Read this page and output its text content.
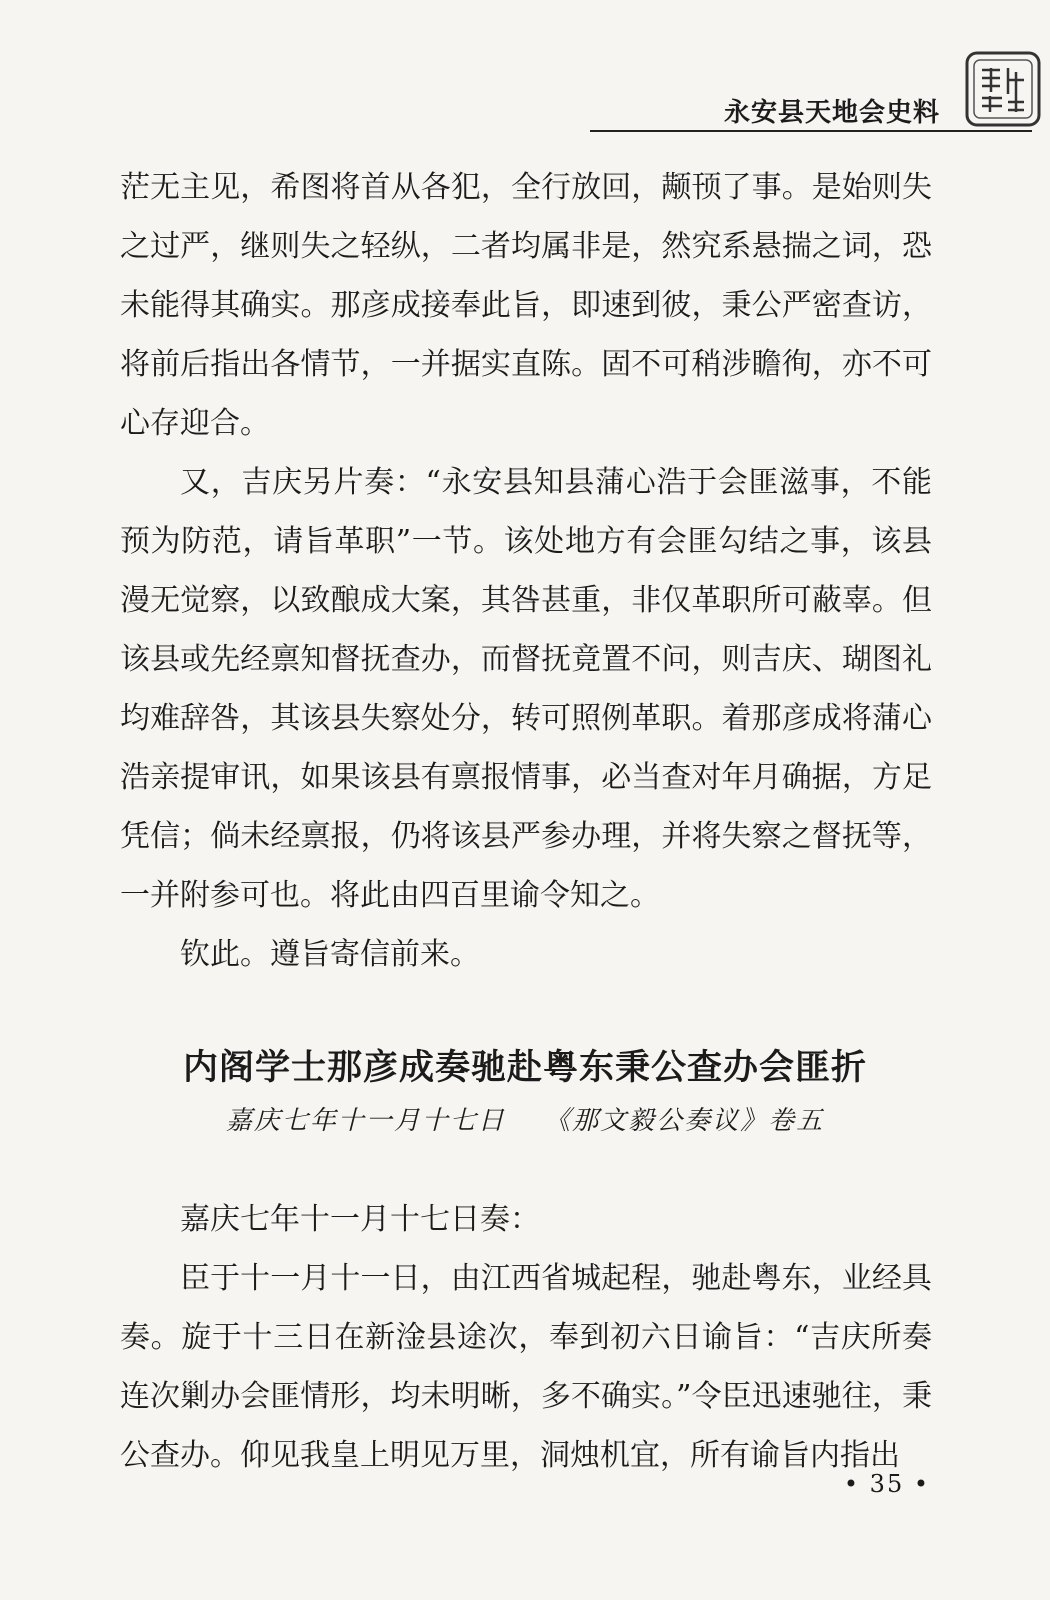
永安县天地会史料

茫无主见，希图将首从各犯，全行放回，颟顸了事。是始则失之过严，继则失之轻纵，二者均属非是，然究系悬揣之词，恐未能得其确实。那彦成接奉此旨，即速到彼，秉公严密查访，将前后指出各情节，一并据实直陈。固不可稍涉瞻徇，亦不可心存迎合。

又，吉庆另片奏：“永安县知县蒲心浩于会匪滋事，不能预为防范，请旨革职”一节。该处地方有会匪勾结之事，该县漫无觉察，以致酿成大案，其咎甚重，非仅革职所可蔽辜。但该县或先经禀知督抚查办，而督抚竟置不问，则吉庆、瑚图礼均难辞咎，其该县失察处分，转可照例革职。着那彦成将蒲心浩亲提审讯，如果该县有禀报情事，必当查对年月确据，方足凭信；倘未经禀报，仍将该县严参办理，并将失察之督抚等，一并附参可也。将此由四百里谕令知之。

钦此。遵旨寄信前来。

内阁学士那彦成奏驰赴粤东秉公查办会匪折
嘉庆七年十一月十七日 《那文毅公奏议》卷五

嘉庆七年十一月十七日奏：

臣于十一月十一日，由江西省城起程，驰赴粤东，业经具奏。旋于十三日在新淦县途次，奉到初六日谕旨：“吉庆所奏连次剿办会匪情形，均未明晰，多不确实。”令臣迅速驰往，秉公查办。仰见我皇上明见万里，洞烛机宜，所有谕旨内指出

• 35 •
